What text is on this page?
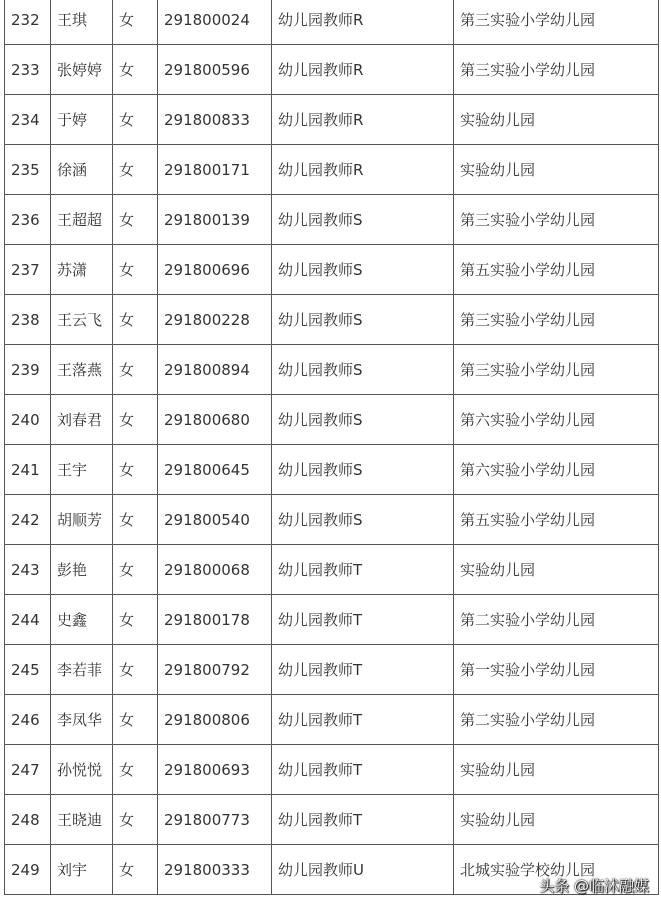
232	王琪	女	291800024	幼儿园教师R	第三实验小学幼儿园
233	张婷婷	女	291800596	幼儿园教师R	第三实验小学幼儿园
234	于婷	女	291800833	幼儿园教师R	实验幼儿园
235	徐涵	女	291800171	幼儿园教师R	实验幼儿园
236	王超超	女	291800139	幼儿园教师S	第三实验小学幼儿园
237	苏潇	女	291800696	幼儿园教师S	第五实验小学幼儿园
238	王云飞	女	291800228	幼儿园教师S	第三实验小学幼儿园
239	王落燕	女	291800894	幼儿园教师S	第三实验小学幼儿园
240	刘春君	女	291800680	幼儿园教师S	第六实验小学幼儿园
241	王宇	女	291800645	幼儿园教师S	第六实验小学幼儿园
242	胡顺芳	女	291800540	幼儿园教师S	第五实验小学幼儿园
243	彭艳	女	291800068	幼儿园教师T	实验幼儿园
244	史鑫	女	291800178	幼儿园教师T	第二实验小学幼儿园
245	李若菲	女	291800792	幼儿园教师T	第一实验小学幼儿园
246	李凤华	女	291800806	幼儿园教师T	第二实验小学幼儿园
247	孙悦悦	女	291800693	幼儿园教师T	实验幼儿园
248	王晓迪	女	291800773	幼儿园教师T	实验幼儿园
249	刘宇	女	291800333	幼儿园教师U	北城实验学校幼儿园
头条 @临沭融媒
